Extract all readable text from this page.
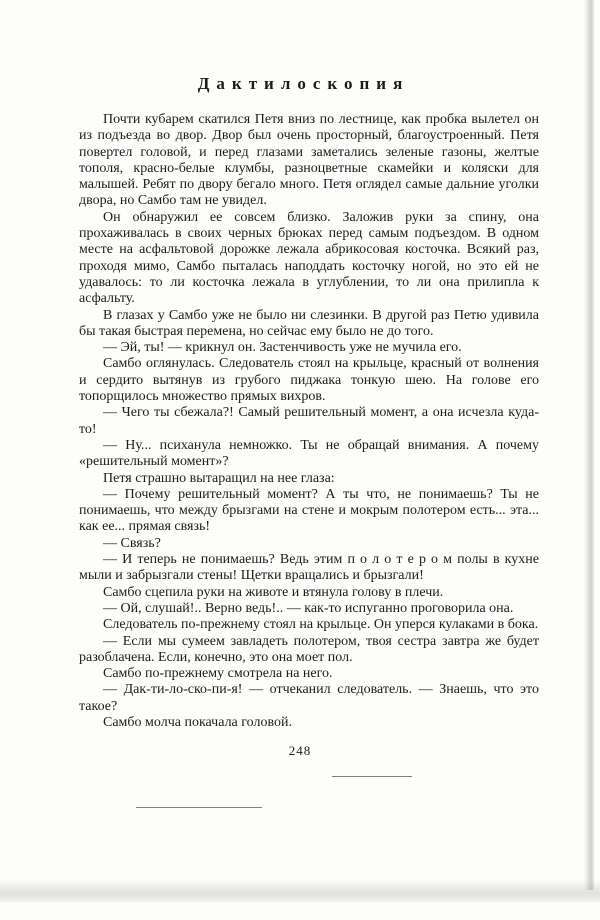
Дактилоскопия

Почти кубарем скатился Петя вниз по лестнице, как пробка вылетел он из подъезда во двор. Двор был очень просторный, благоустроенный. Петя повертел головой, и перед глазами заметались зеленые газоны, желтые тополя, красно-белые клумбы, разноцветные скамейки и коляски для малышей. Ребят по двору бегало много. Петя оглядел самые дальние уголки двора, но Самбо там не увидел.

Он обнаружил ее совсем близко. Заложив руки за спину, она прохаживалась в своих черных брюках перед самым подъездом. В одном месте на асфальтовой дорожке лежала абрикосовая косточка. Всякий раз, проходя мимо, Самбо пыталась наподдать косточку ногой, но это ей не удавалось: то ли косточка лежала в углублении, то ли она прилипла к асфальту.

В глазах у Самбо уже не было ни слезинки. В другой раз Петю удивила бы такая быстрая перемена, но сейчас ему было не до того.

— Эй, ты! — крикнул он. Застенчивость уже не мучила его.

Самбо оглянулась. Следователь стоял на крыльце, красный от волнения и сердито вытянув из грубого пиджака тонкую шею. На голове его топорщилось множество прямых вихров.

— Чего ты сбежала?! Самый решительный момент, а она исчезла куда-то!

— Ну... психанула немножко. Ты не обращай внимания. А почему «решительный момент»?

Петя страшно вытаращил на нее глаза:

— Почему решительный момент? А ты что, не понимаешь? Ты не понимаешь, что между брызгами на стене и мокрым полотером есть... эта... как ее... прямая связь!

— Связь?

— И теперь не понимаешь? Ведь этим п о л о т е р о м полы в кухне мыли и забрызгали стены! Щетки вращались и брызгали!

Самбо сцепила руки на животе и втянула голову в плечи.

— Ой, слушай!.. Верно ведь!.. — как-то испуганно проговорила она.

Следователь по-прежнему стоял на крыльце. Он уперся кулаками в бока.

— Если мы сумеем завладеть полотером, твоя сестра завтра же будет разоблачена. Если, конечно, это она моет пол.

Самбо по-прежнему смотрела на него.

— Дак-ти-ло-ско-пи-я! — отчеканил следователь. — Знаешь, что это такое?

Самбо молча покачала головой.

248
